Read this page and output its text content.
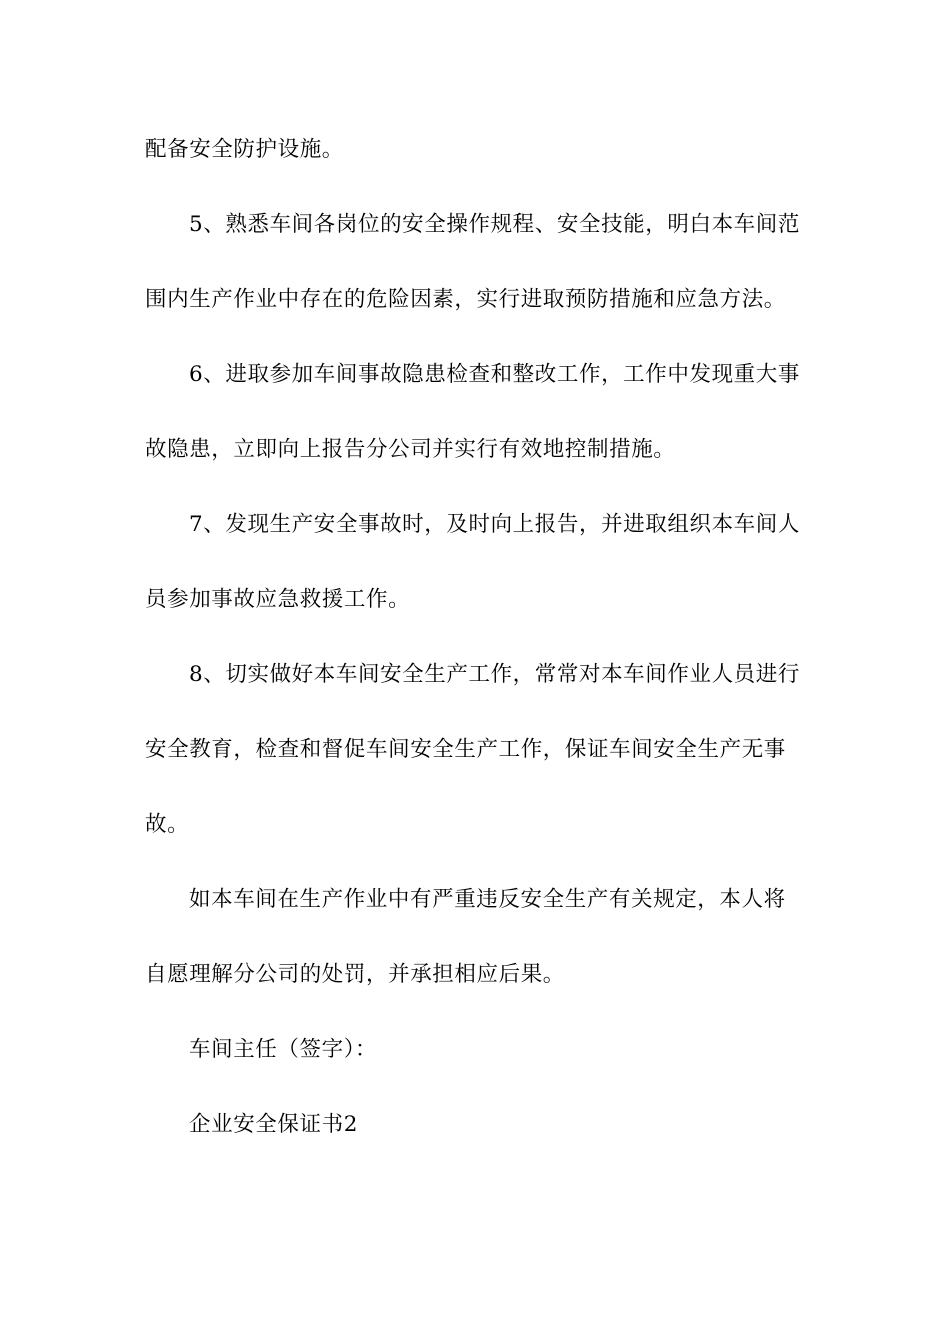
配备安全防护设施。
5、熟悉车间各岗位的安全操作规程、安全技能，明白本车间范
围内生产作业中存在的危险因素，实行进取预防措施和应急方法。
6、进取参加车间事故隐患检查和整改工作，工作中发现重大事
故隐患，立即向上报告分公司并实行有效地控制措施。
7、发现生产安全事故时，及时向上报告，并进取组织本车间人
员参加事故应急救援工作。
8、切实做好本车间安全生产工作，常常对本车间作业人员进行
安全教育，检查和督促车间安全生产工作，保证车间安全生产无事
故。
如本车间在生产作业中有严重违反安全生产有关规定，本人将
自愿理解分公司的处罚，并承担相应后果。
车间主任（签字）：
企业安全保证书2
